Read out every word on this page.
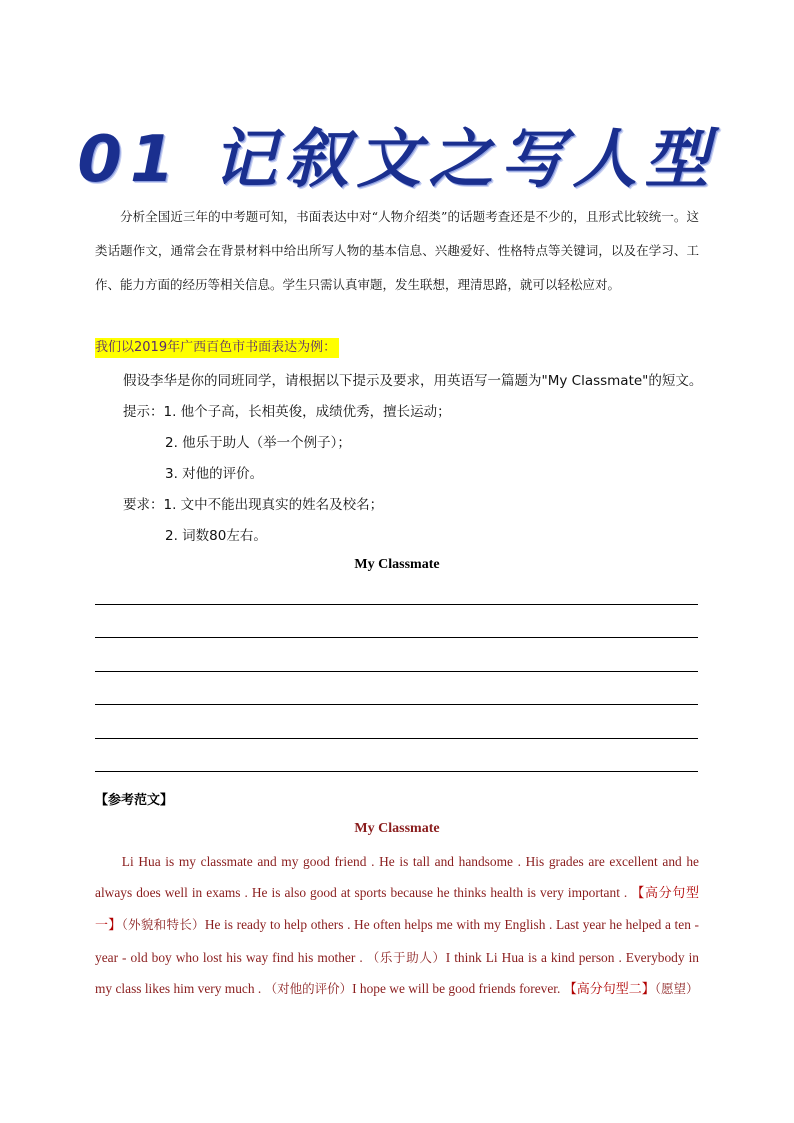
01 记叙文之写人型
分析全国近三年的中考题可知，书面表达中对“人物介绍类”的话题考查还是不少的，且形式比较统一。这类话题作文，通常会在背景材料中给出所写人物的基本信息、兴趣爱好、性格特点等关键词，以及在学习、工作、能力方面的经历等相关信息。学生只需认真审题，发生联想，理清思路，就可以轻松应对。
我们以2019年广西百色市书面表达为例：
假设李华是你的同班同学，请根据以下提示及要求，用英语写一篇题为"My Classmate"的短文。
提示：1. 他个子高，长相英俊，成绩优秀，擅长运动；
2. 他乐于助人（举一个例子）；
3. 对他的评价。
要求：1. 文中不能出现真实的姓名及校名；
2. 词数80左右。
My Classmate
【参考范文】
My Classmate
Li Hua is my classmate and my good friend . He is tall and handsome . His grades are excellent and he always does well in exams . He is also good at sports because he thinks health is very important . 【高分句型一】（外貌和特长）He is ready to help others . He often helps me with my English . Last year he helped a ten - year - old boy who lost his way find his mother . （乐于助人）I think Li Hua is a kind person . Everybody in my class likes him very much . （对他的评价）I hope we will be good friends forever. 【高分句型二】（愿望）
